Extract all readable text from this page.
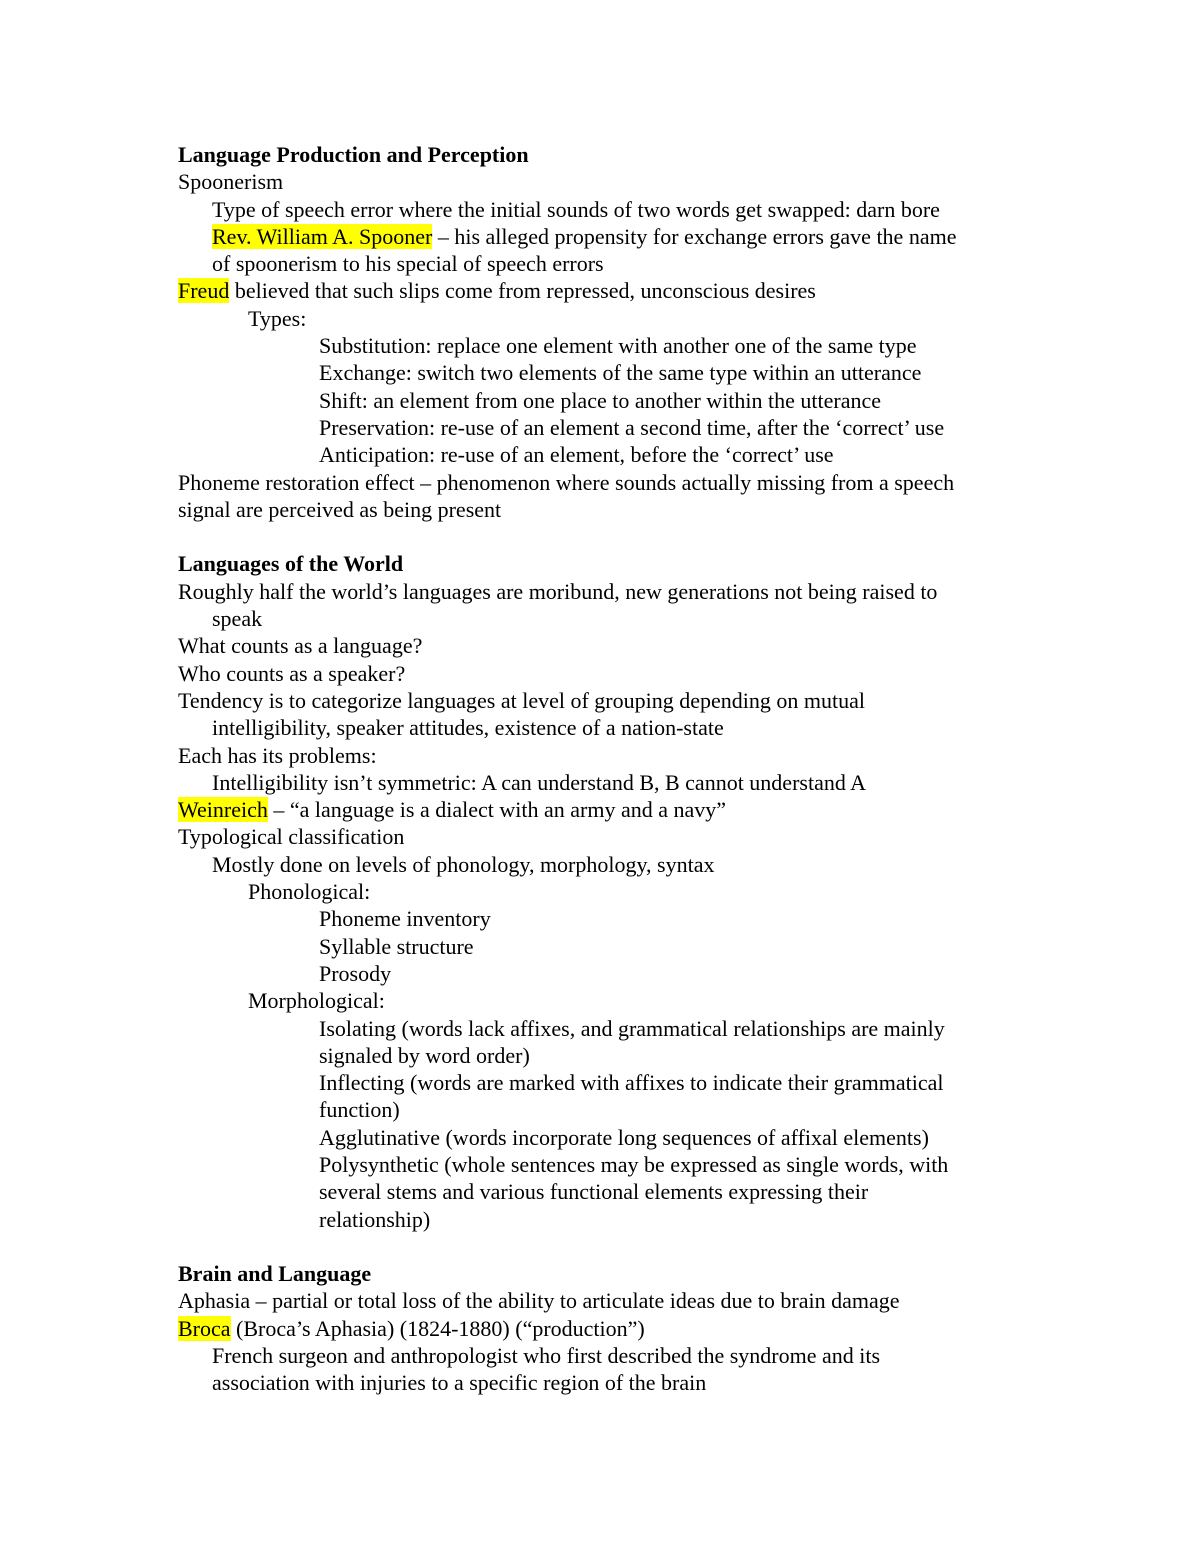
Language Production and Perception
Spoonerism
Type of speech error where the initial sounds of two words get swapped: darn bore
Rev. William A. Spooner – his alleged propensity for exchange errors gave the name
of spoonerism to his special of speech errors
Freud believed that such slips come from repressed, unconscious desires
Types:
Substitution: replace one element with another one of the same type
Exchange: switch two elements of the same type within an utterance
Shift: an element from one place to another within the utterance
Preservation: re-use of an element a second time, after the ‘correct’ use
Anticipation: re-use of an element, before the ‘correct’ use
Phoneme restoration effect – phenomenon where sounds actually missing from a speech
signal are perceived as being present
Languages of the World
Roughly half the world’s languages are moribund, new generations not being raised to
speak
What counts as a language?
Who counts as a speaker?
Tendency is to categorize languages at level of grouping depending on mutual
intelligibility, speaker attitudes, existence of a nation-state
Each has its problems:
Intelligibility isn’t symmetric: A can understand B, B cannot understand A
Weinreich – “a language is a dialect with an army and a navy”
Typological classification
Mostly done on levels of phonology, morphology, syntax
Phonological:
Phoneme inventory
Syllable structure
Prosody
Morphological:
Isolating (words lack affixes, and grammatical relationships are mainly
signaled by word order)
Inflecting (words are marked with affixes to indicate their grammatical
function)
Agglutinative (words incorporate long sequences of affixal elements)
Polysynthetic (whole sentences may be expressed as single words, with
several stems and various functional elements expressing their
relationship)
Brain and Language
Aphasia – partial or total loss of the ability to articulate ideas due to brain damage
Broca (Broca’s Aphasia) (1824-1880) (“production”)
French surgeon and anthropologist who first described the syndrome and its
association with injuries to a specific region of the brain
